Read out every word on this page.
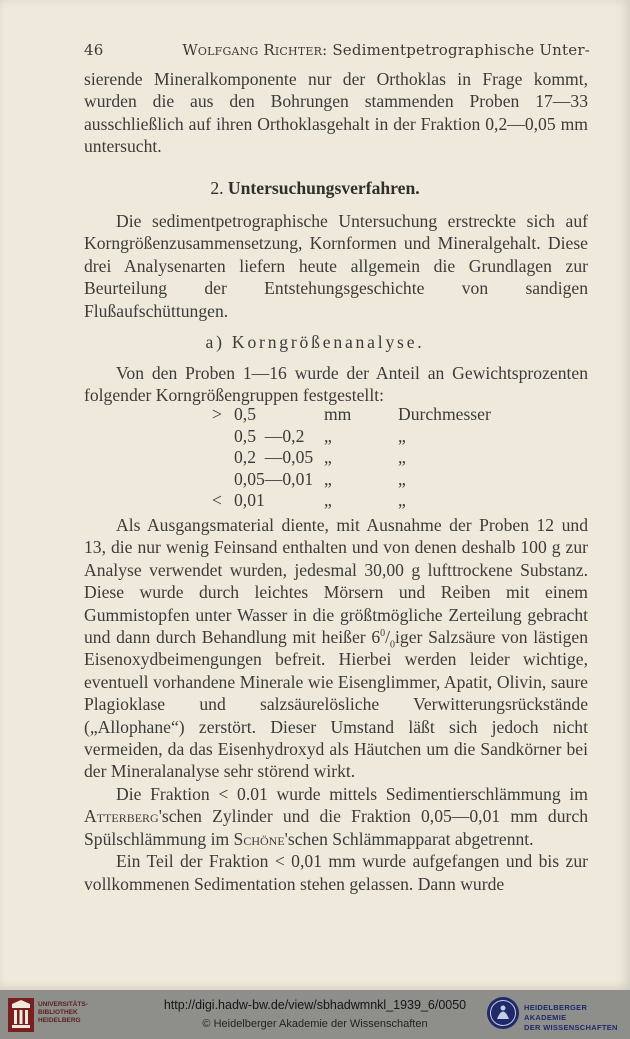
46	Wolfgang Richter: Sedimentpetrographische Unter-

sierende Mineralkomponente nur der Orthoklas in Frage kommt, wurden die aus den Bohrungen stammenden Proben 17—33 ausschließlich auf ihren Orthoklasgehalt in der Fraktion 0,2—0,05 mm untersucht.

2. Untersuchungsverfahren.

Die sedimentpetrographische Untersuchung erstreckte sich auf Korngrößenzusammensetzung, Kornformen und Mineralgehalt. Diese drei Analysenarten liefern heute allgemein die Grundlagen zur Beurteilung der Entstehungsgeschichte von sandigen Flußaufschüttungen.

a) Korngrößenanalyse.

Von den Proben 1—16 wurde der Anteil an Gewichtsprozenten folgender Korngrößengruppen festgestellt:

> 0,5	mm	Durchmesser
0,5  —0,2 „	„
0,2  —0,05 „	„
0,05—0,01 „	„
< 0,01	„	„

Als Ausgangsmaterial diente, mit Ausnahme der Proben 12 und 13, die nur wenig Feinsand enthalten und von denen deshalb 100 g zur Analyse verwendet wurden, jedesmal 30,00 g lufttrockene Substanz. Diese wurde durch leichtes Mörsern und Reiben mit einem Gummistopfen unter Wasser in die größtmögliche Zerteilung gebracht und dann durch Behandlung mit heißer $6^0/_0iger$ Salzsäure von lästigen Eisenoxydbeimengungen befreit. Hierbei werden leider wichtige, eventuell vorhandene Minerale wie Eisenglimmer, Apatit, Olivin, saure Plagioklase und salzsäurelösliche Verwitterungsrückstände („Allophane“) zerstört. Dieser Umstand läßt sich jedoch nicht vermeiden, da das Eisenhydroxyd als Häutchen um die Sandkörner bei der Mineralanalyse sehr störend wirkt.

Die Fraktion < 0.01 wurde mittels Sedimentierschlämmung im Atterberg'schen Zylinder und die Fraktion 0,05—0,01 mm durch Spülschlämmung im Schöne'schen Schlämmapparat abgetrennt.

Ein Teil der Fraktion < 0,01 mm wurde aufgefangen und bis zur vollkommenen Sedimentation stehen gelassen. Dann wurde

UNIVERSITÄTS-
BIBLIOTHEK
HEIDELBERG
http://digi.hadw-bw.de/view/sbhadwmnkl_1939_6/0050
© Heidelberger Akademie der Wissenschaften
HEIDELBERGER AKADEMIE
DER WISSENSCHAFTEN
